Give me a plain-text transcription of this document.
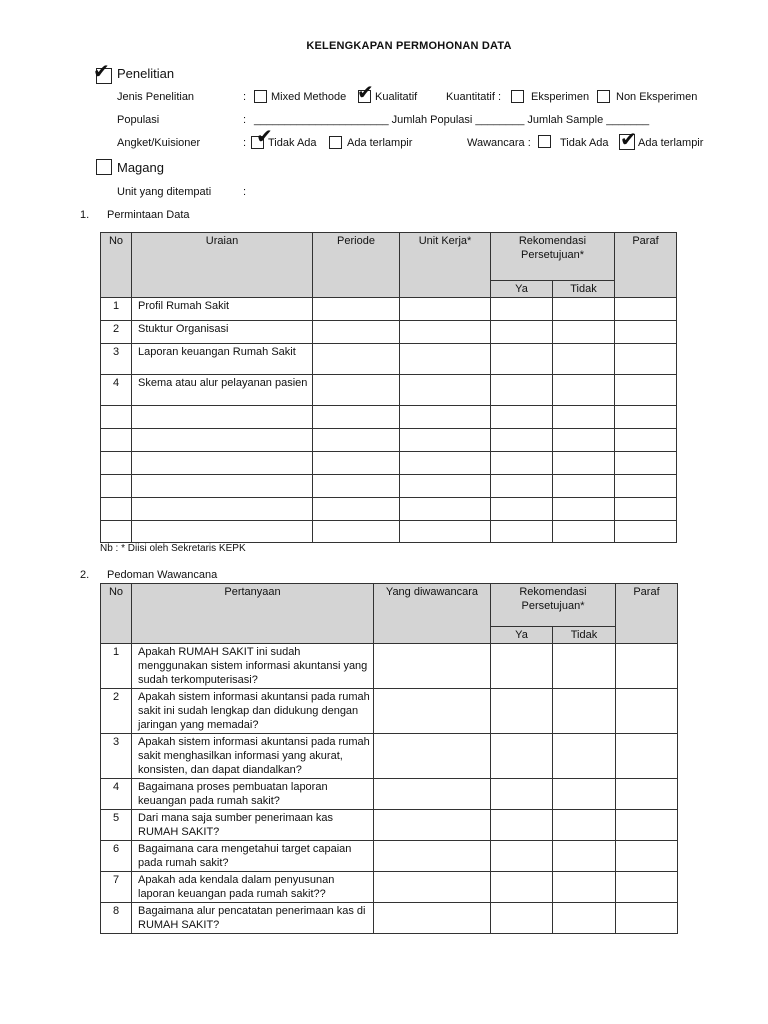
KELENGKAPAN PERMOHONAN DATA
✔ Penelitian
Jenis Penelitian	: Mixed Methode ✔ Kualitatif	Kuantitatif :	Eksperimen Non Eksperimen
Populasi	: ______________________ Jumlah Populasi ________ Jumlah Sample _______
Angket/Kuisioner	: ✔
Tidak Ada	Ada terlampir	Wawancara :	Tidak Ada ✔ Ada terlampir
Magang
Unit yang ditempati	:
1. Permintaan Data
No	Uraian	Periode	Unit Kerja*	Rekomendasi Persetujuan*		Paraf
				Ya	Tidak	
1	Profil Rumah Sakit					
2	Stuktur Organisasi					
3	Laporan keuangan Rumah Sakit					
4	Skema atau alur pelayanan pasien					

Nb : * Diisi oleh Sekretaris KEPK
2. Pedoman Wawancana
No	Pertanyaan	Yang diwawancara	Rekomendasi Persetujuan*		Paraf
			Ya	Tidak	
1	Apakah RUMAH SAKIT ini sudah menggunakan sistem informasi akuntansi yang sudah terkomputerisasi?				
2	Apakah sistem informasi akuntansi pada rumah sakit ini sudah lengkap dan didukung dengan jaringan yang memadai?				
3	Apakah sistem informasi akuntansi pada rumah sakit menghasilkan informasi yang akurat, konsisten, dan dapat diandalkan?				
4	Bagaimana proses pembuatan laporan keuangan pada rumah sakit?				
5	Dari mana saja sumber penerimaan kas RUMAH SAKIT?				
6	Bagaimana cara mengetahui target capaian pada rumah sakit?				
7	Apakah ada kendala dalam penyusunan laporan keuangan pada rumah sakit??				
8	Bagaimana alur pencatatan penerimaan kas di RUMAH SAKIT?				
